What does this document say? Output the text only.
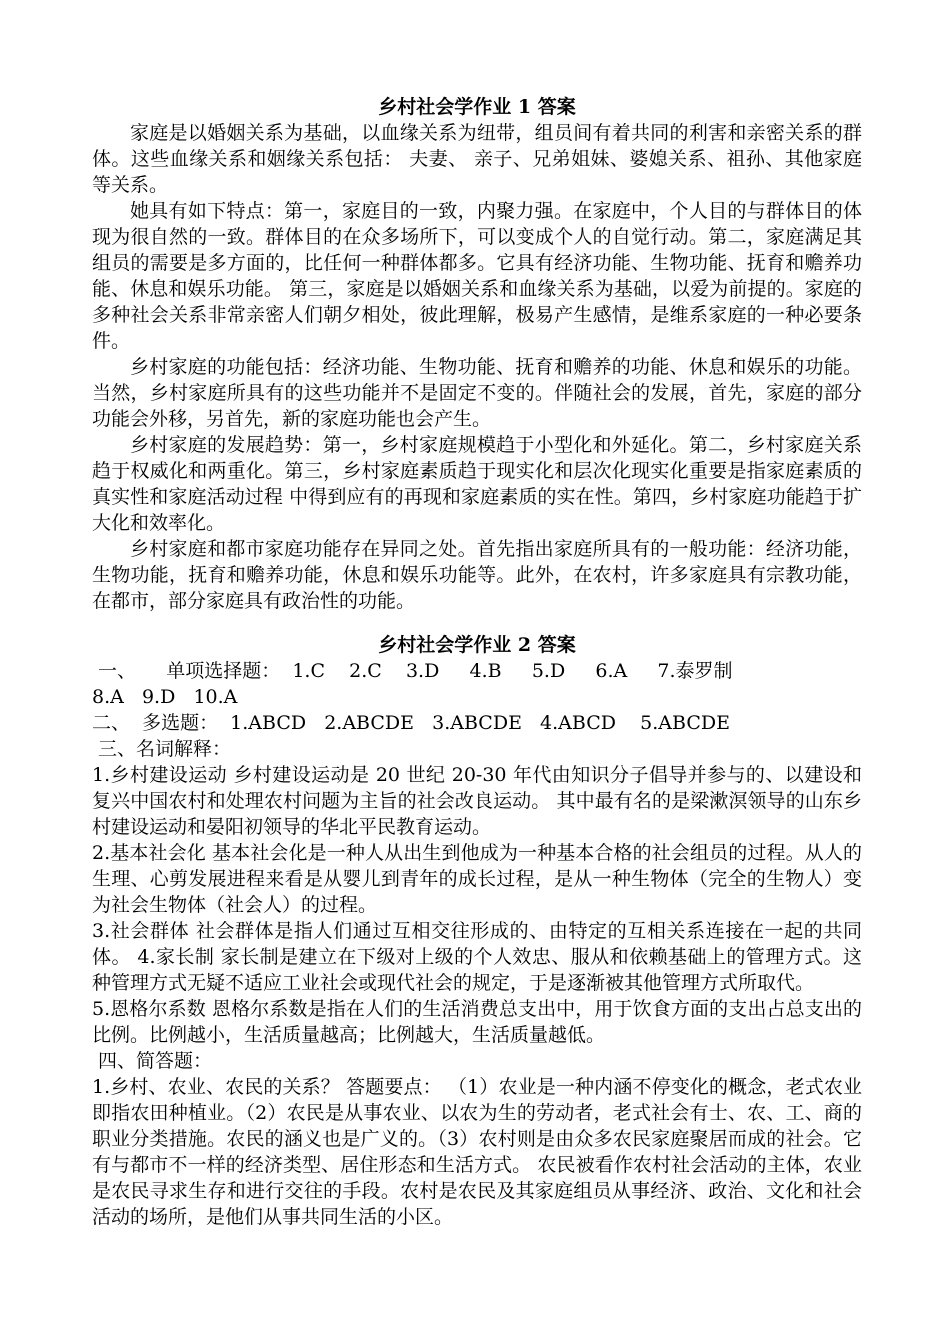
乡村社会学作业 1 答案

家庭是以婚姻关系为基础，以血缘关系为纽带，组员间有着共同的利害和亲密关系的群体。这些血缘关系和姻缘关系包括： 夫妻、 亲子、兄弟姐妹、婆媳关系、祖孙、其他家庭等关系。

她具有如下特点：第一，家庭目的一致，内聚力强。在家庭中，个人目的与群体目的体现为很自然的一致。群体目的在众多场所下，可以变成个人的自觉行动。第二，家庭满足其组员的需要是多方面的，比任何一种群体都多。它具有经济功能、生物功能、抚育和赡养功能、休息和娱乐功能。 第三，家庭是以婚姻关系和血缘关系为基础，以爱为前提的。家庭的多种社会关系非常亲密人们朝夕相处，彼此理解，极易产生感情，是维系家庭的一种必要条件。

乡村家庭的功能包括：经济功能、生物功能、抚育和赡养的功能、休息和娱乐的功能。当然，乡村家庭所具有的这些功能并不是固定不变的。伴随社会的发展，首先，家庭的部分功能会外移，另首先，新的家庭功能也会产生。

乡村家庭的发展趋势：第一，乡村家庭规模趋于小型化和外延化。第二，乡村家庭关系趋于权威化和两重化。第三，乡村家庭素质趋于现实化和层次化现实化重要是指家庭素质的真实性和家庭活动过程 中得到应有的再现和家庭素质的实在性。第四，乡村家庭功能趋于扩大化和效率化。

乡村家庭和都市家庭功能存在异同之处。首先指出家庭所具有的一般功能：经济功能，生物功能，抚育和赡养功能，休息和娱乐功能等。此外，在农村，许多家庭具有宗教功能，在都市，部分家庭具有政治性的功能。

乡村社会学作业 2 答案

一、     单项选择题：  1.C    2.C    3.D     4.B     5.D     6.A     7.泰罗制

8.A   9.D   10.A

二、  多选题：  1.ABCD   2.ABCDE   3.ABCDE   4.ABCD    5.ABCDE

三、名词解释：

1.乡村建设运动 乡村建设运动是 20 世纪 20-30 年代由知识分子倡导并参与的、以建设和复兴中国农村和处理农村问题为主旨的社会改良运动。 其中最有名的是梁漱溟领导的山东乡村建设运动和晏阳初领导的华北平民教育运动。

2.基本社会化 基本社会化是一种人从出生到他成为一种基本合格的社会组员的过程。从人的生理、心剪发展进程来看是从婴儿到青年的成长过程，是从一种生物体（完全的生物人）变为社会生物体（社会人）的过程。

3.社会群体 社会群体是指人们通过互相交往形成的、由特定的互相关系连接在一起的共同体。 4.家长制 家长制是建立在下级对上级的个人效忠、服从和依赖基础上的管理方式。这种管理方式无疑不适应工业社会或现代社会的规定，于是逐渐被其他管理方式所取代。

5.恩格尔系数 恩格尔系数是指在人们的生活消费总支出中，用于饮食方面的支出占总支出的比例。比例越小，生活质量越高；比例越大，生活质量越低。

四、简答题：

1.乡村、农业、农民的关系？ 答题要点： （1）农业是一种内涵不停变化的概念，老式农业即指农田种植业。（2）农民是从事农业、以农为生的劳动者，老式社会有士、农、工、商的职业分类措施。农民的涵义也是广义的。（3）农村则是由众多农民家庭聚居而成的社会。它有与都市不一样的经济类型、居住形态和生活方式。 农民被看作农村社会活动的主体，农业是农民寻求生存和进行交往的手段。农村是农民及其家庭组员从事经济、政治、文化和社会活动的场所，是他们从事共同生活的小区。
